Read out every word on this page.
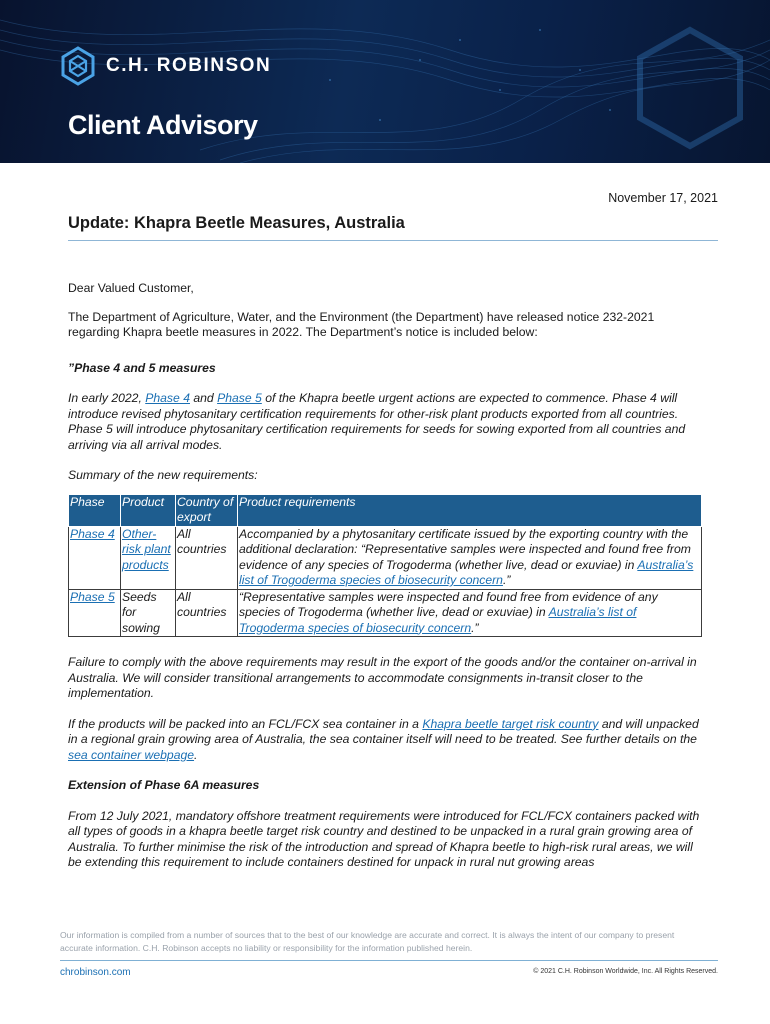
C.H. ROBINSON
Client Advisory
November 17, 2021
Update: Khapra Beetle Measures, Australia

Dear Valued Customer,

The Department of Agriculture, Water, and the Environment (the Department) have released notice 232-2021 regarding Khapra beetle measures in 2022. The Department’s notice is included below:

”Phase 4 and 5 measures

In early 2022, Phase 4 and Phase 5 of the Khapra beetle urgent actions are expected to commence. Phase 4 will introduce revised phytosanitary certification requirements for other-risk plant products exported from all countries. Phase 5 will introduce phytosanitary certification requirements for seeds for sowing exported from all countries and arriving via all arrival modes.

Summary of the new requirements:

Phase	Product	Country of export	Product requirements
Phase 4	Other-risk plant products	All countries	Accompanied by a phytosanitary certificate issued by the exporting country with the additional declaration: “Representative samples were inspected and found free from evidence of any species of Trogoderma (whether live, dead or exuviae) in Australia’s list of Trogoderma species of biosecurity concern.”
Phase 5	Seeds for sowing	All countries	“Representative samples were inspected and found free from evidence of any species of Trogoderma (whether live, dead or exuviae) in Australia’s list of Trogoderma species of biosecurity concern.”

Failure to comply with the above requirements may result in the export of the goods and/or the container on-arrival in Australia. We will consider transitional arrangements to accommodate consignments in-transit closer to the implementation.

If the products will be packed into an FCL/FCX sea container in a Khapra beetle target risk country and will unpacked in a regional grain growing area of Australia, the sea container itself will need to be treated. See further details on the sea container webpage.

Extension of Phase 6A measures

From 12 July 2021, mandatory offshore treatment requirements were introduced for FCL/FCX containers packed with all types of goods in a khapra beetle target risk country and destined to be unpacked in a rural grain growing area of Australia. To further minimise the risk of the introduction and spread of Khapra beetle to high-risk rural areas, we will be extending this requirement to include containers destined for unpack in rural nut growing areas

Our information is compiled from a number of sources that to the best of our knowledge are accurate and correct. It is always the intent of our company to present accurate information. C.H. Robinson accepts no liability or responsibility for the information published herein.
chrobinson.com	© 2021 C.H. Robinson Worldwide, Inc. All Rights Reserved.
